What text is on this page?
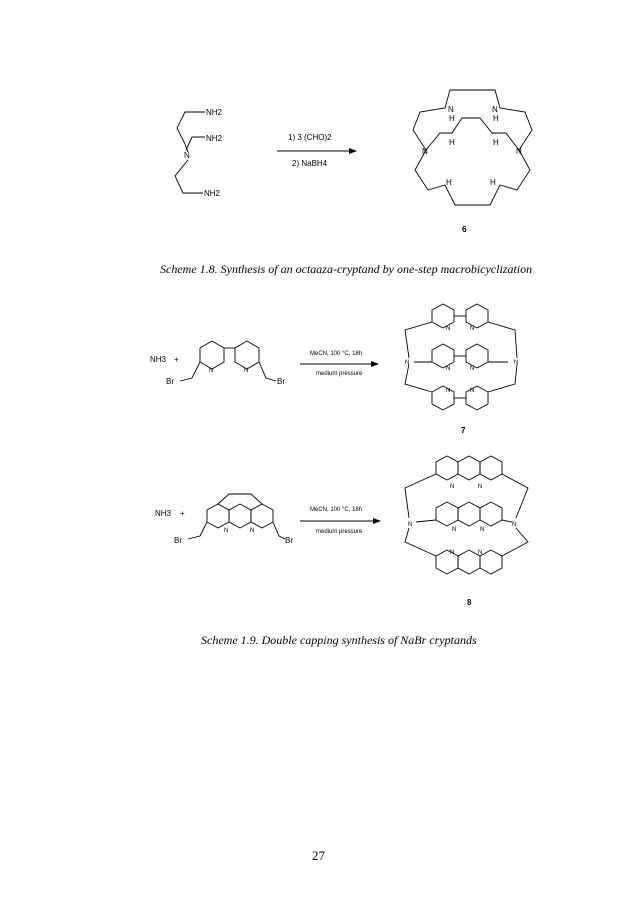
NH2
NH2
N
NH2
1) 3 (CHO)2
2) NaBH4
N	N
N	N
H	H
H	H
H	H
6
NH3 +
N	N
Br	Br
MeCN, 100 °C, 18h
medium pressure
N	N
N	N
N	N
N	N
7
NH3 +
N	N
Br	Br
MeCN, 100 °C, 18h
medium pressure
N	N
N	N
N	N
N	N
8
Scheme 1.8. Synthesis of an octaaza-cryptand by one-step macrobicyclization
Scheme 1.9. Double capping synthesis of NaBr cryptands
27
